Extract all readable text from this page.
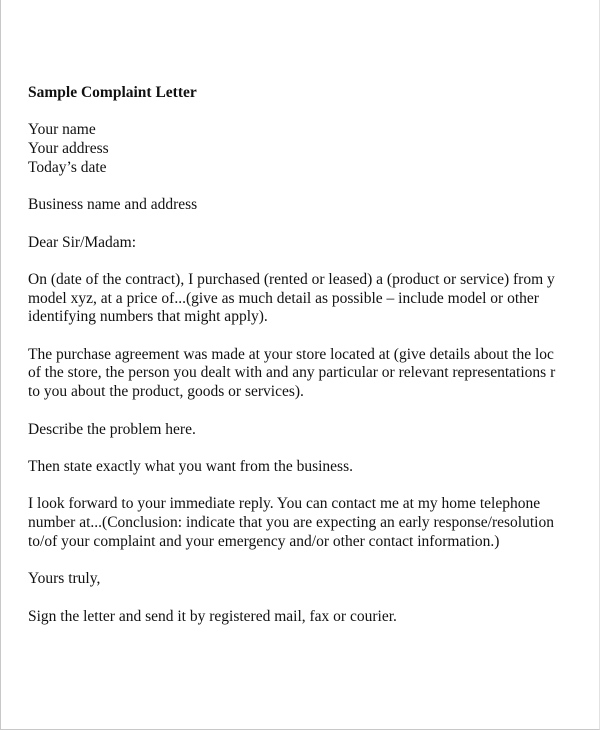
Sample Complaint Letter
Your name
Your address
Today’s date
Business name and address
Dear Sir/Madam:
On (date of the contract), I purchased (rented or leased) a (product or service) from y
model xyz, at a price of...(give as much detail as possible – include model or other
identifying numbers that might apply).
The purchase agreement was made at your store located at (give details about the loc
of the store, the person you dealt with and any particular or relevant representations r
to you about the product, goods or services).
Describe the problem here.
Then state exactly what you want from the business.
I look forward to your immediate reply. You can contact me at my home telephone
number at...(Conclusion: indicate that you are expecting an early response/resolution
to/of your complaint and your emergency and/or other contact information.)
Yours truly,
Sign the letter and send it by registered mail, fax or courier.
